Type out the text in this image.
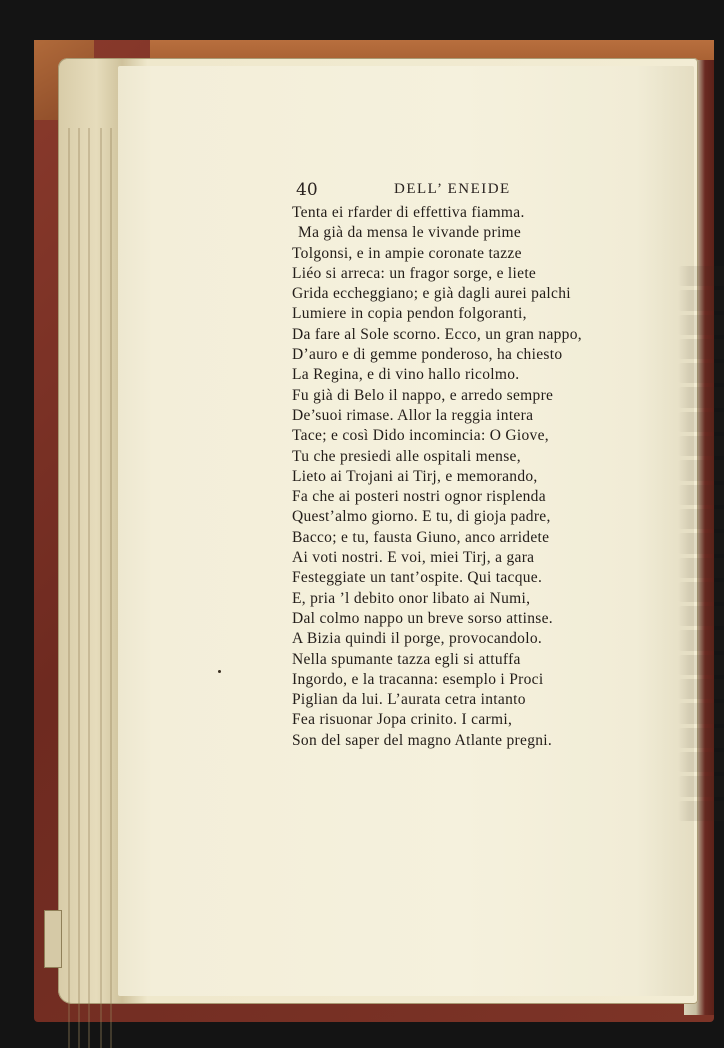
40	DELL’ ENEIDE
Tenta ei rfarder di effettiva fiamma.
Ma già da mensa le vivande prime
Tolgonsi, e in ampie coronate tazze
Liéo si arreca: un fragor sorge, e liete
Grida eccheggiano; e già dagli aurei palchi
Lumiere in copia pendon folgoranti,
Da fare al Sole scorno. Ecco, un gran nappo,
D’auro e di gemme ponderoso, ha chiesto
La Regina, e di vino hallo ricolmo.
Fu già di Belo il nappo, e arredo sempre
De’suoi rimase. Allor la reggia intera
Tace; e così Dido incomincia: O Giove,
Tu che presiedi alle ospitali mense,
Lieto ai Trojani ai Tirj, e memorando,
Fa che ai posteri nostri ognor risplenda
Quest’almo giorno. E tu, di gioja padre,
Bacco; e tu, fausta Giuno, anco arridete
Ai voti nostri. E voi, miei Tirj, a gara
Festeggiate un tant’ospite. Qui tacque.
E, pria ’l debito onor libato ai Numi,
Dal colmo nappo un breve sorso attinse.
A Bizia quindi il porge, provocandolo.
Nella spumante tazza egli si attuffa
Ingordo, e la tracanna: esemplo i Proci
Piglian da lui. L’aurata cetra intanto
Fea risuonar Jopa crinito. I carmi,
Son del saper del magno Atlante pregni.
